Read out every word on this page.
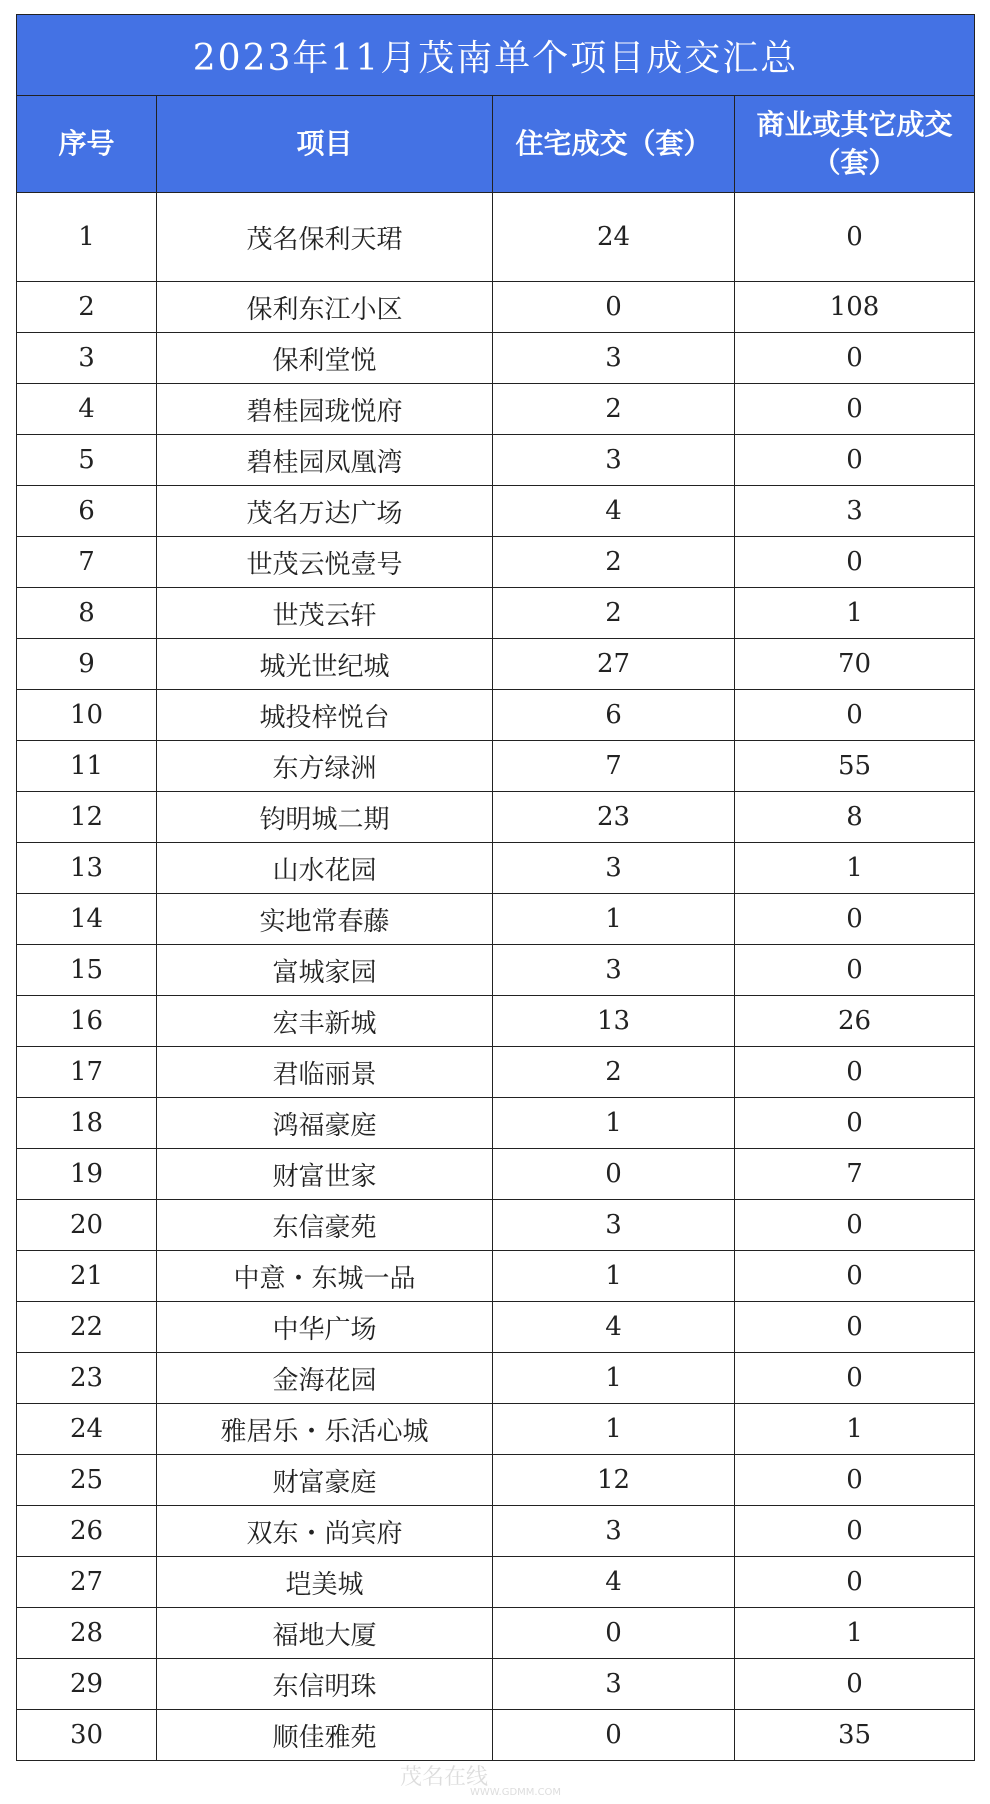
2023年11月茂南单个项目成交汇总			
序号	项目	住宅成交（套）	商业或其它成交
（套）
1	茂名保利天珺	24	0
2	保利东江小区	0	108
3	保利堂悦	3	0
4	碧桂园珑悦府	2	0
5	碧桂园凤凰湾	3	0
6	茂名万达广场	4	3
7	世茂云悦壹号	2	0
8	世茂云轩	2	1
9	城光世纪城	27	70
10	城投梓悦台	6	0
11	东方绿洲	7	55
12	钧明城二期	23	8
13	山水花园	3	1
14	实地常春藤	1	0
15	富城家园	3	0
16	宏丰新城	13	26
17	君临丽景	2	0
18	鸿福豪庭	1	0
19	财富世家	0	7
20	东信豪苑	3	0
21	中意・东城一品	1	0
22	中华广场	4	0
23	金海花园	1	0
24	雅居乐・乐活心城	1	1
25	财富豪庭	12	0
26	双东・尚宾府	3	0
27	垲美城	4	0
28	福地大厦	0	1
29	东信明珠	3	0
30	顺佳雅苑	0	35
茂名在线
WWW.GDMM.COM
